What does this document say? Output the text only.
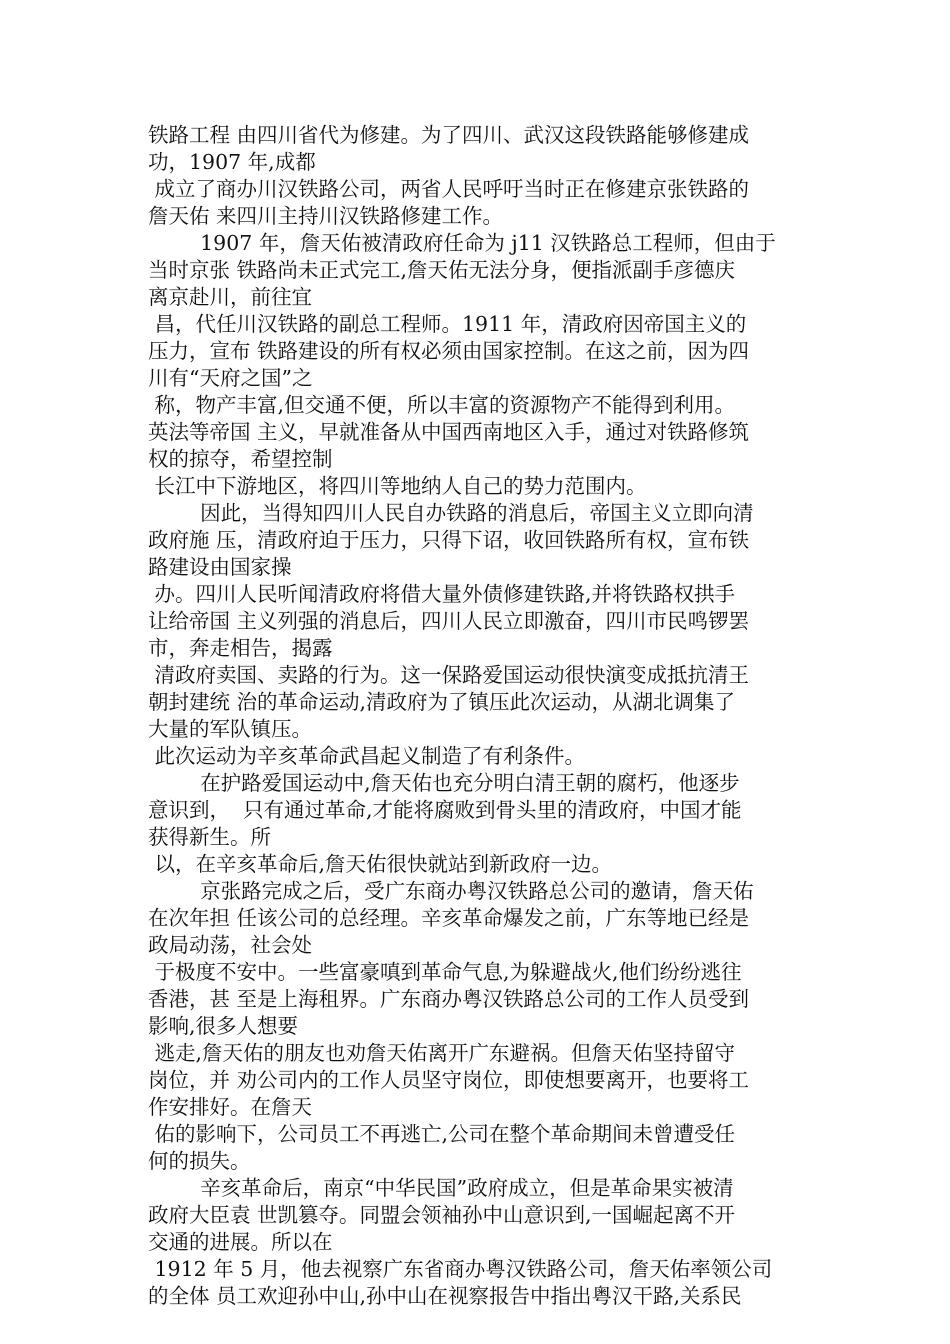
铁路工程 由四川省代为修建。为了四川、武汉这段铁路能够修建成
功，1907 年,成都
成立了商办川汉铁路公司，两省人民呼吁当时正在修建京张铁路的
詹天佑 来四川主持川汉铁路修建工作。
1907 年，詹天佑被清政府任命为 j11 汉铁路总工程师，但由于
当时京张 铁路尚未正式完工,詹天佑无法分身，便指派副手彦德庆
离京赴川，前往宜
昌，代任川汉铁路的副总工程师。1911 年，清政府因帝国主义的
压力，宣布 铁路建设的所有权必须由国家控制。在这之前，因为四
川有“天府之国”之
称，物产丰富,但交通不便，所以丰富的资源物产不能得到利用。
英法等帝国 主义，早就准备从中国西南地区入手，通过对铁路修筑
权的掠夺，希望控制
长江中下游地区，将四川等地纳人自己的势力范围内。
因此，当得知四川人民自办铁路的消息后，帝国主义立即向清
政府施 压，清政府迫于压力，只得下诏，收回铁路所有权，宣布铁
路建设由国家操
办。四川人民听闻清政府将借大量外债修建铁路,并将铁路权拱手
让给帝国 主义列强的消息后，四川人民立即激奋，四川市民鸣锣罢
市，奔走相告，揭露
清政府卖国、卖路的行为。这一保路爱国运动很快演变成抵抗清王
朝封建统 治的革命运动,清政府为了镇压此次运动，从湖北调集了
大量的军队镇压。
此次运动为辛亥革命武昌起义制造了有利条件。
在护路爱国运动中,詹天佑也充分明白清王朝的腐朽，他逐步
意识到，  只有通过革命,才能将腐败到骨头里的清政府，中国才能
获得新生。所
以，在辛亥革命后,詹天佑很快就站到新政府一边。
京张路完成之后，受广东商办粤汉铁路总公司的邀请，詹天佑
在次年担 任该公司的总经理。辛亥革命爆发之前，广东等地已经是
政局动荡，社会处
于极度不安中。一些富豪嗔到革命气息,为躲避战火,他们纷纷逃往
香港，甚 至是上海租界。广东商办粤汉铁路总公司的工作人员受到
影响,很多人想要
逃走,詹天佑的朋友也劝詹天佑离开广东避祸。但詹天佑坚持留守
岗位，并 劝公司内的工作人员坚守岗位，即使想要离开，也要将工
作安排好。在詹天
佑的影响下，公司员工不再逃亡,公司在整个革命期间未曾遭受任
何的损失。
辛亥革命后，南京“中华民国”政府成立，但是革命果实被清
政府大臣袁 世凯篡夺。同盟会领袖孙中山意识到,一国崛起离不开
交通的进展。所以在
1912 年 5 月，他去视察广东省商办粤汉铁路公司，詹天佑率领公司
的全体 员工欢迎孙中山,孙中山在视察报告中指出粤汉干路,关系民
